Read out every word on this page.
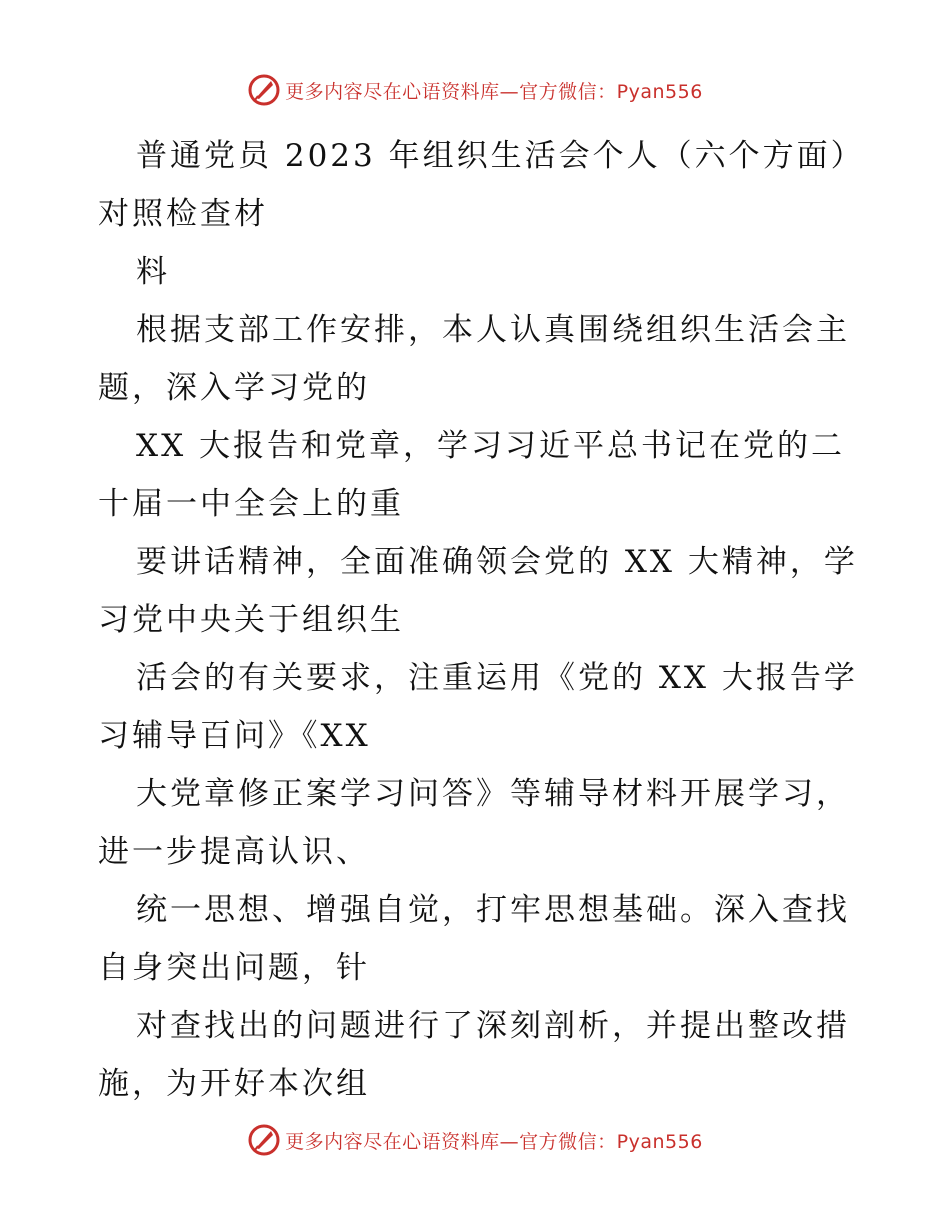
更多内容尽在心语资料库—官方微信：Pyan556
普通党员 2023 年组织生活会个人（六个方面）
对照检查材
料
根据支部工作安排，本人认真围绕组织生活会主
题，深入学习党的
XX 大报告和党章，学习习近平总书记在党的二
十届一中全会上的重
要讲话精神，全面准确领会党的 XX 大精神，学
习党中央关于组织生
活会的有关要求，注重运用《党的 XX 大报告学
习辅导百问》《XX
大党章修正案学习问答》等辅导材料开展学习，
进一步提高认识、
统一思想、增强自觉，打牢思想基础。深入查找
自身突出问题，针
对查找出的问题进行了深刻剖析，并提出整改措
施，为开好本次组
更多内容尽在心语资料库—官方微信：Pyan556
